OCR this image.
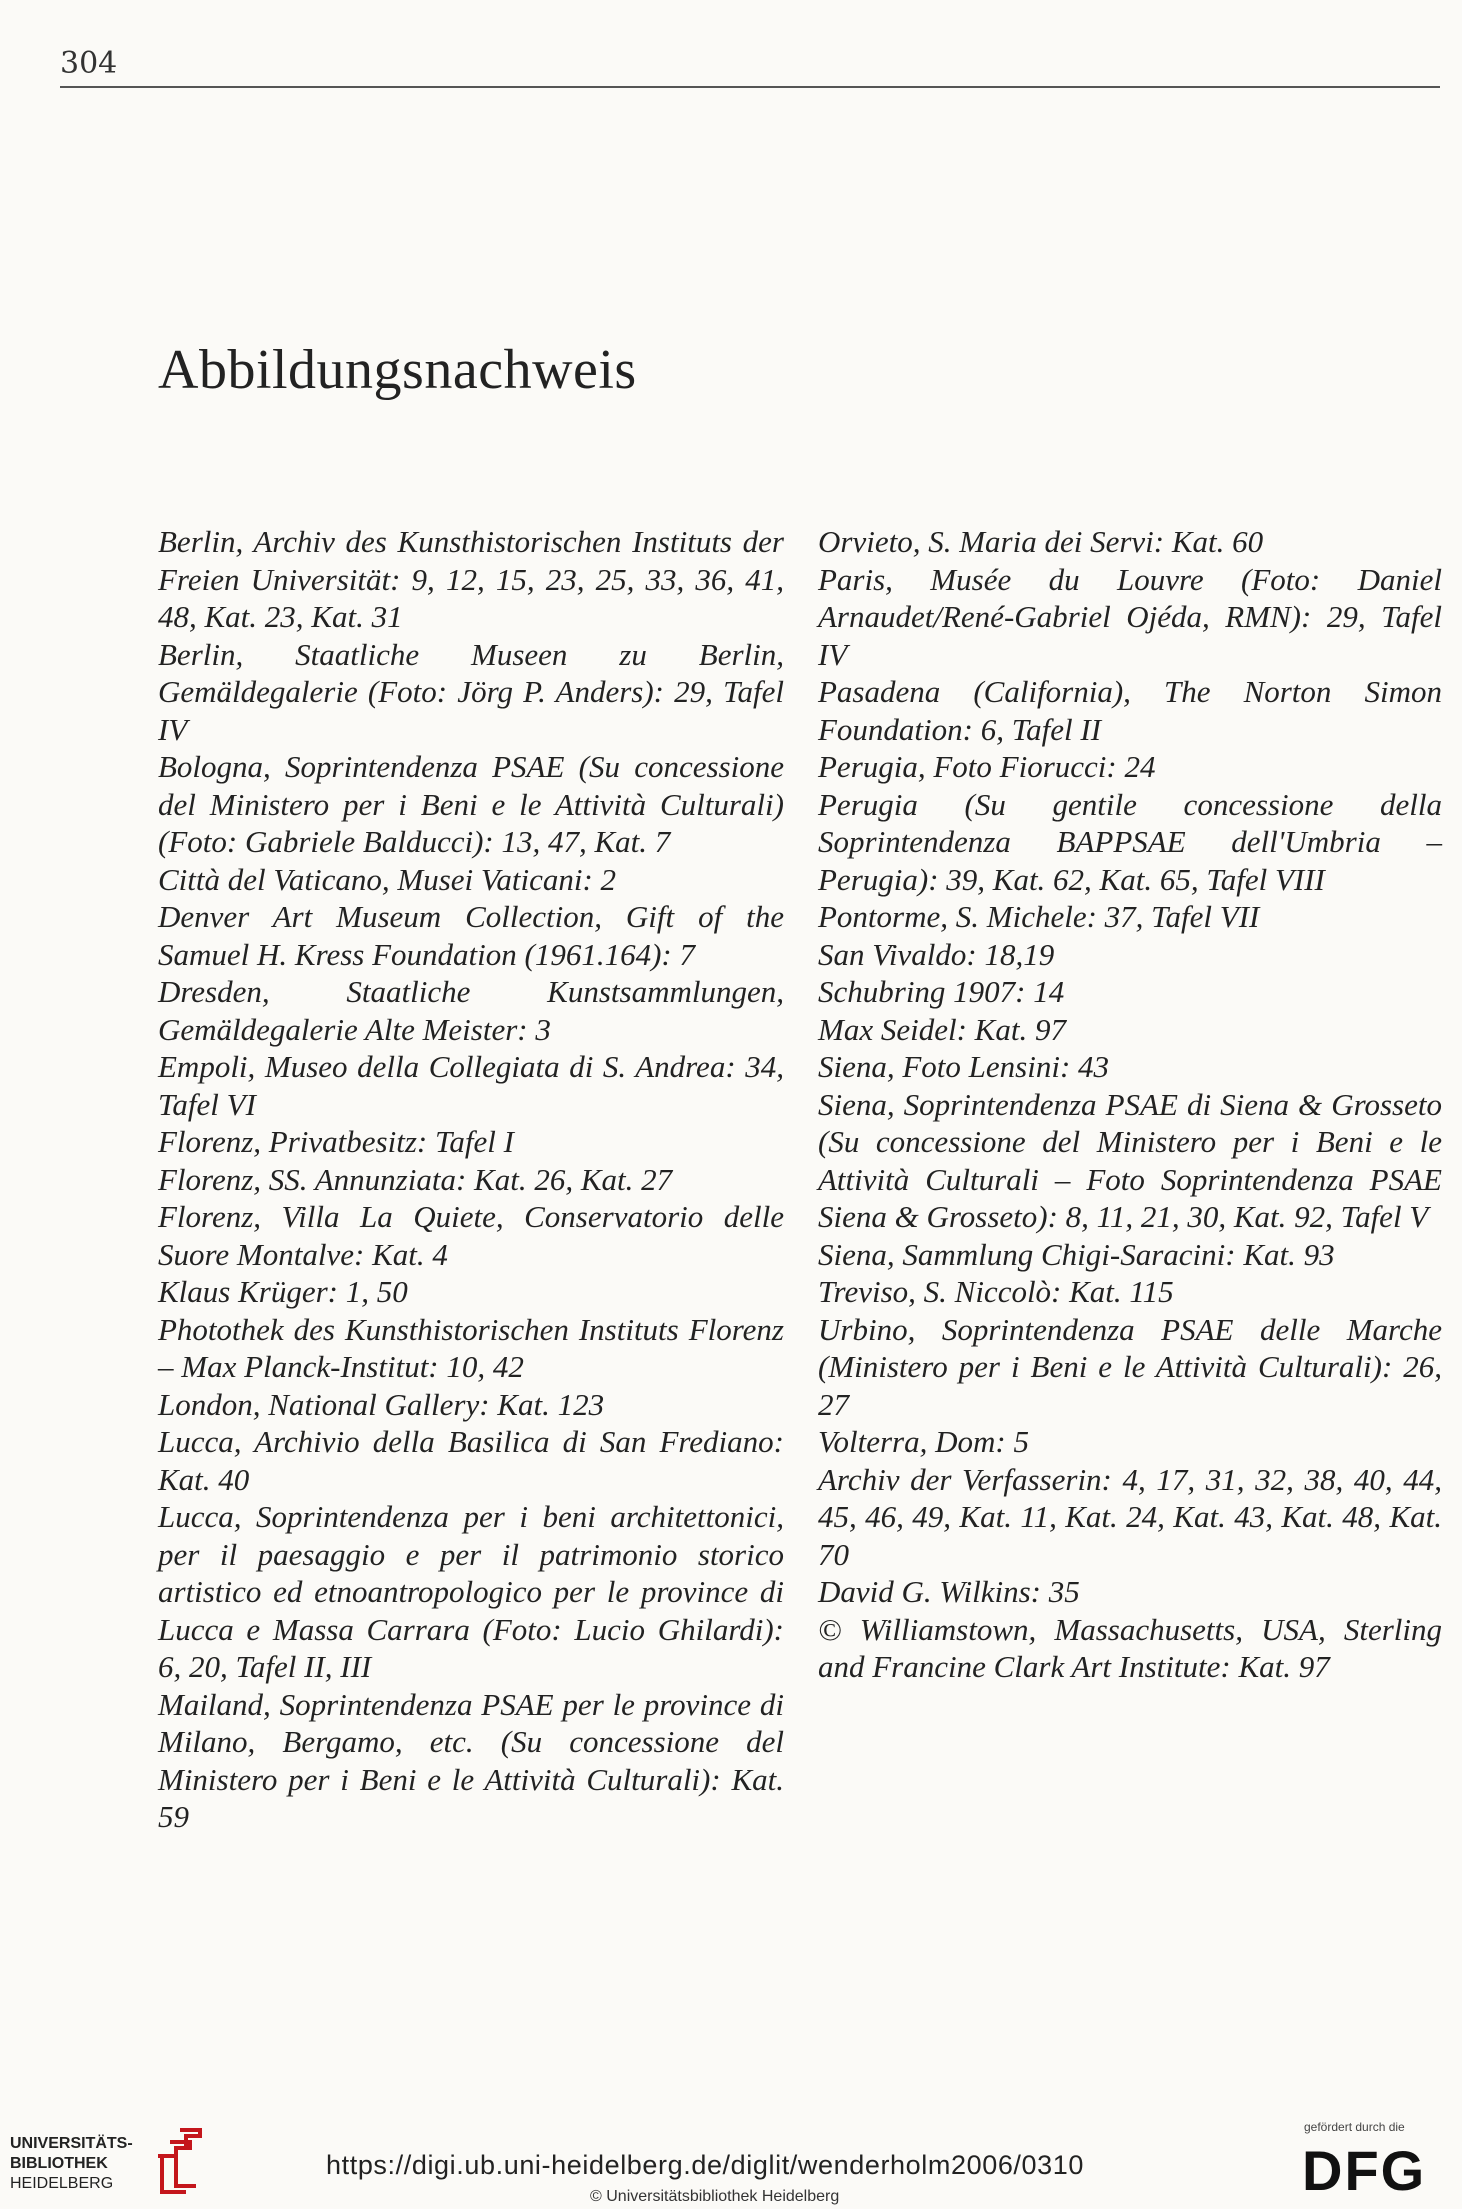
304
Abbildungsnachweis
Berlin, Archiv des Kunsthistorischen Instituts der Freien Universität: 9, 12, 15, 23, 25, 33, 36, 41, 48, Kat. 23, Kat. 31
Berlin, Staatliche Museen zu Berlin, Gemäldegalerie (Foto: Jörg P. Anders): 29, Tafel IV
Bologna, Soprintendenza PSAE (Su concessione del Ministero per i Beni e le Attività Culturali) (Foto: Gabriele Balducci): 13, 47, Kat. 7
Città del Vaticano, Musei Vaticani: 2
Denver Art Museum Collection, Gift of the Samuel H. Kress Foundation (1961.164): 7
Dresden, Staatliche Kunstsammlungen, Gemäldegalerie Alte Meister: 3
Empoli, Museo della Collegiata di S. Andrea: 34, Tafel VI
Florenz, Privatbesitz: Tafel I
Florenz, SS. Annunziata: Kat. 26, Kat. 27
Florenz, Villa La Quiete, Conservatorio delle Suore Montalve: Kat. 4
Klaus Krüger: 1, 50
Photothek des Kunsthistorischen Instituts Florenz – Max Planck-Institut: 10, 42
London, National Gallery: Kat. 123
Lucca, Archivio della Basilica di San Frediano: Kat. 40
Lucca, Soprintendenza per i beni architettonici, per il paesaggio e per il patrimonio storico artistico ed etnoantropologico per le province di Lucca e Massa Carrara (Foto: Lucio Ghilardi): 6, 20, Tafel II, III
Mailand, Soprintendenza PSAE per le province di Milano, Bergamo, etc. (Su concessione del Ministero per i Beni e le Attività Culturali): Kat. 59
Orvieto, S. Maria dei Servi: Kat. 60
Paris, Musée du Louvre (Foto: Daniel Arnaudet/René-Gabriel Ojéda, RMN): 29, Tafel IV
Pasadena (California), The Norton Simon Foundation: 6, Tafel II
Perugia, Foto Fiorucci: 24
Perugia (Su gentile concessione della Soprintendenza BAPPSAE dell'Umbria – Perugia): 39, Kat. 62, Kat. 65, Tafel VIII
Pontorme, S. Michele: 37, Tafel VII
San Vivaldo: 18,19
Schubring 1907: 14
Max Seidel: Kat. 97
Siena, Foto Lensini: 43
Siena, Soprintendenza PSAE di Siena & Grosseto (Su concessione del Ministero per i Beni e le Attività Culturali – Foto Soprintendenza PSAE Siena & Grosseto): 8, 11, 21, 30, Kat. 92, Tafel V
Siena, Sammlung Chigi-Saracini: Kat. 93
Treviso, S. Niccolò: Kat. 115
Urbino, Soprintendenza PSAE delle Marche (Ministero per i Beni e le Attività Culturali): 26, 27
Volterra, Dom: 5
Archiv der Verfasserin: 4, 17, 31, 32, 38, 40, 44, 45, 46, 49, Kat. 11, Kat. 24, Kat. 43, Kat. 48, Kat. 70
David G. Wilkins: 35
© Williamstown, Massachusetts, USA, Sterling and Francine Clark Art Institute: Kat. 97
UNIVERSITÄTS-
BIBLIOTHEK
HEIDELBERG
https://digi.ub.uni-heidelberg.de/diglit/wenderholm2006/0310
© Universitätsbibliothek Heidelberg
gefördert durch die
DFG
